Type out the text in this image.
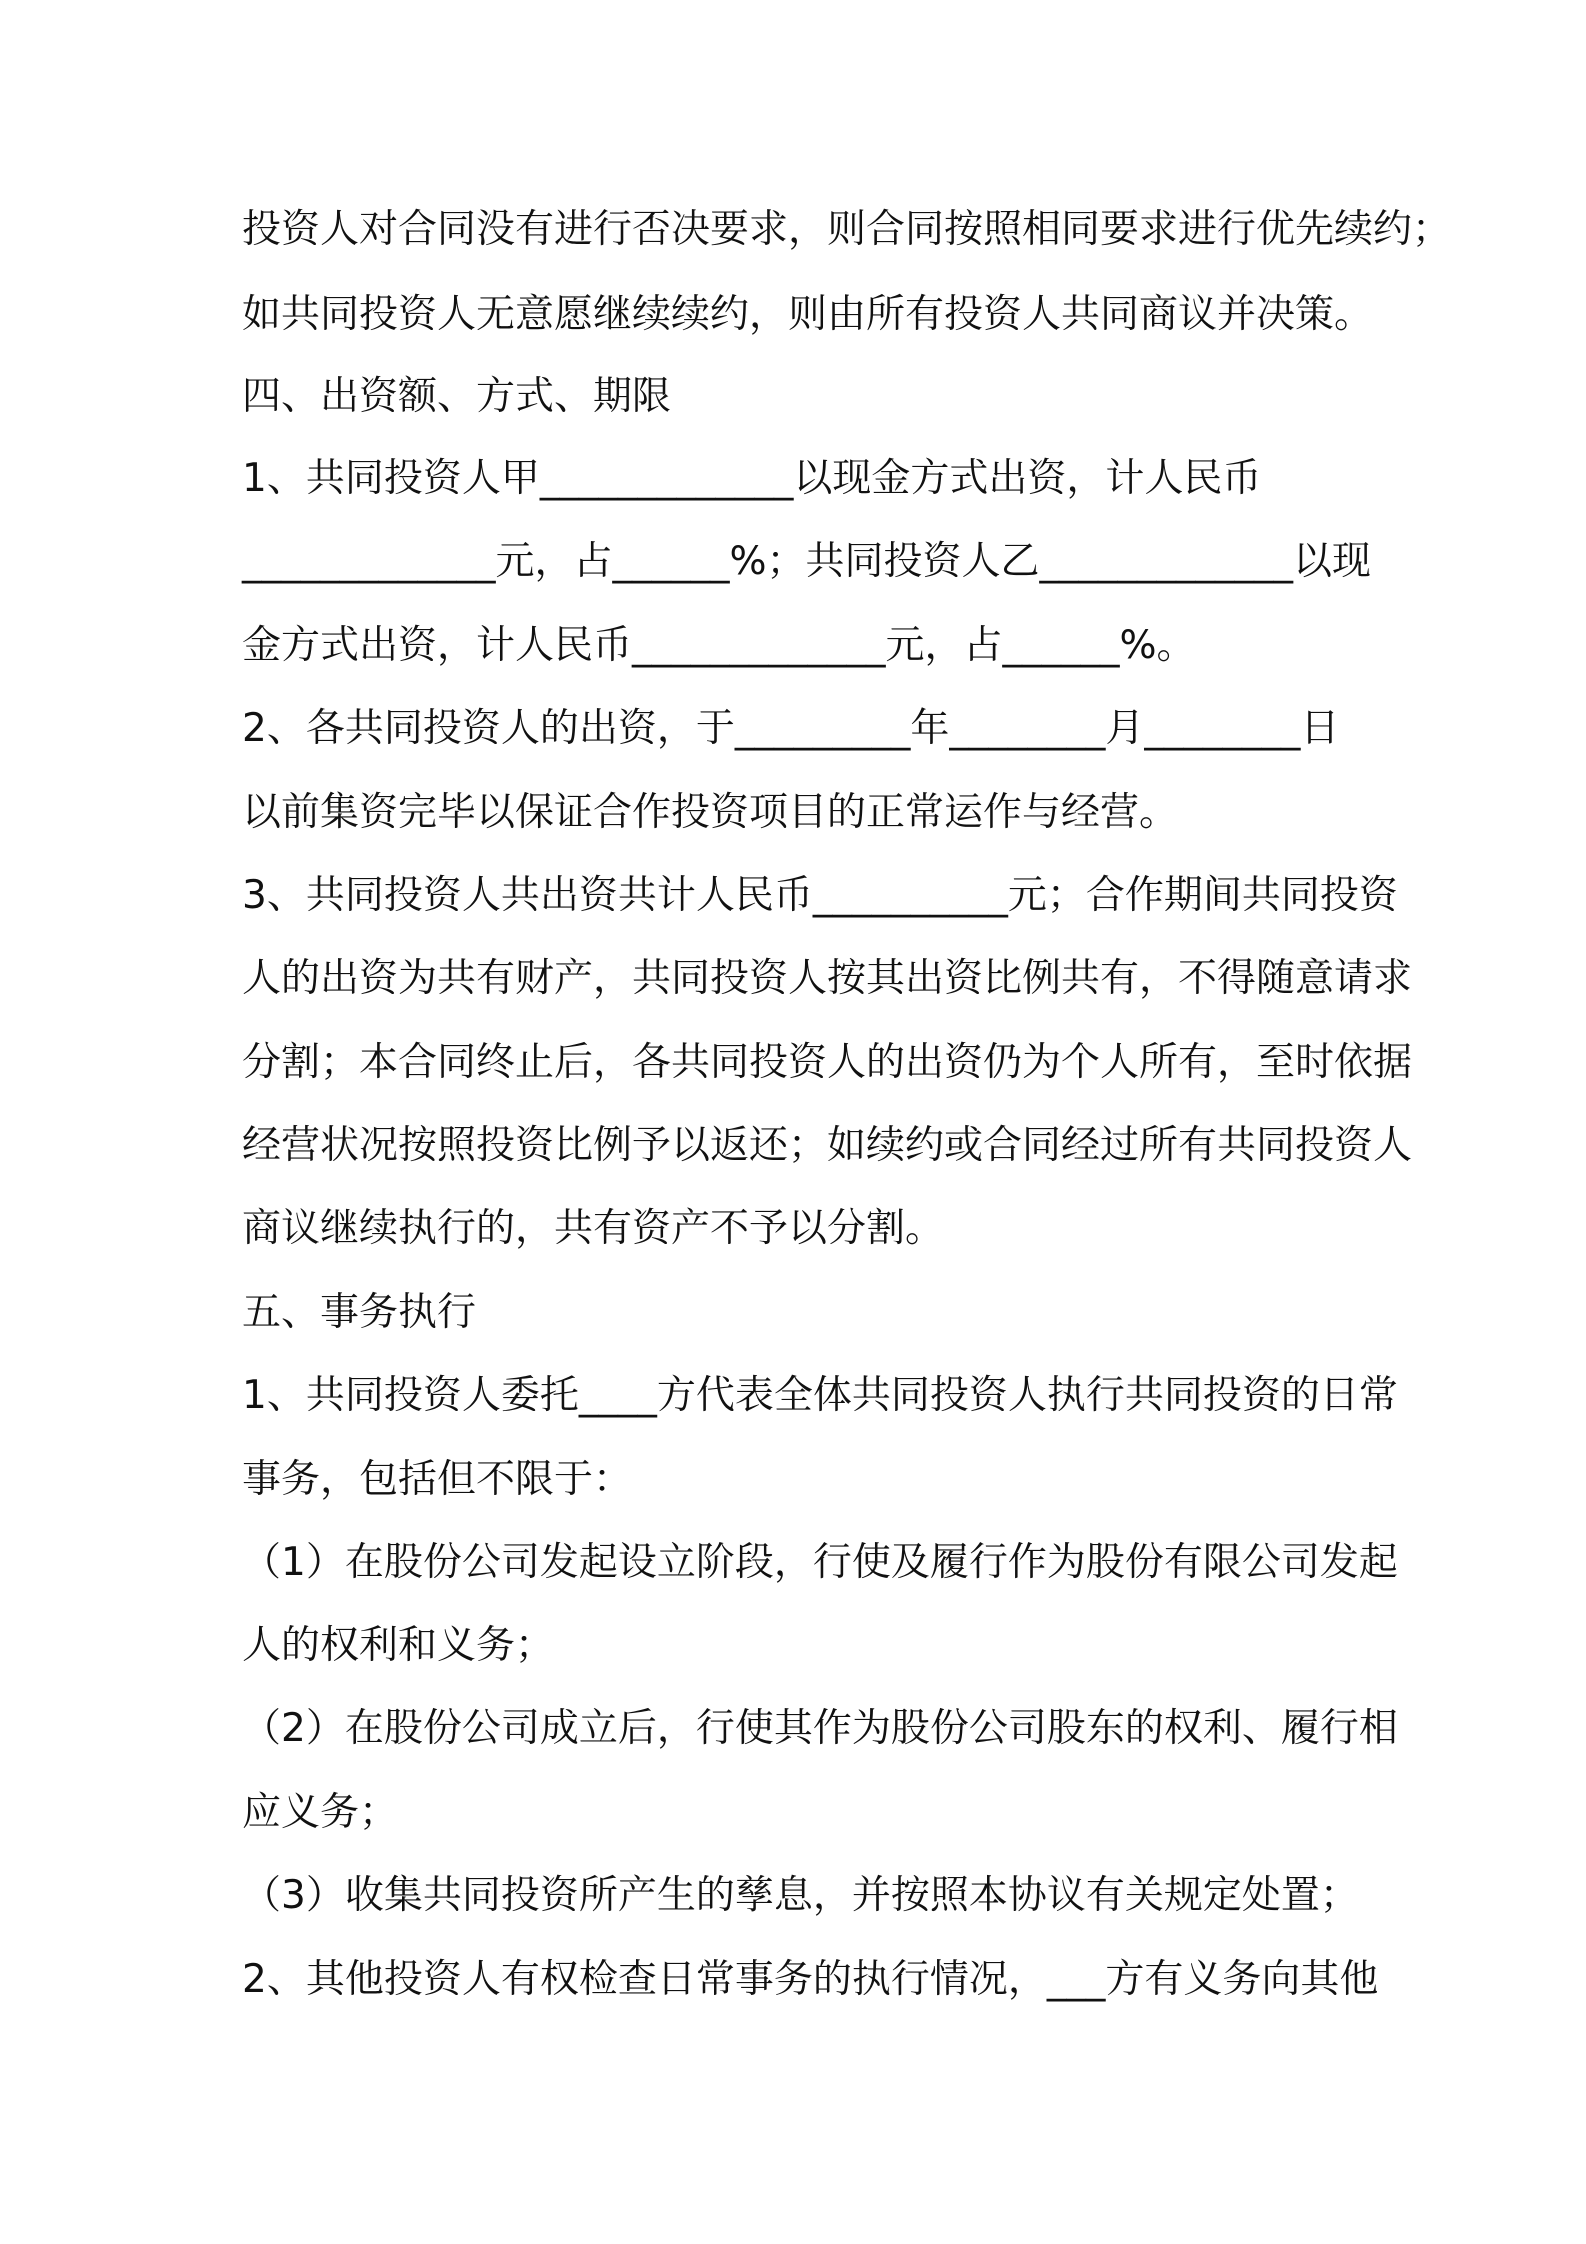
投资人对合同没有进行否决要求，则合同按照相同要求进行优先续约；
如共同投资人无意愿继续续约，则由所有投资人共同商议并决策。
四、出资额、方式、期限
1、共同投资人甲_____________以现金方式出资，计人民币
_____________元，占______%；共同投资人乙_____________以现
金方式出资，计人民币_____________元，占______%。
2、各共同投资人的出资，于_________年________月________日
以前集资完毕以保证合作投资项目的正常运作与经营。
3、共同投资人共出资共计人民币__________元；合作期间共同投资
人的出资为共有财产，共同投资人按其出资比例共有，不得随意请求
分割；本合同终止后，各共同投资人的出资仍为个人所有，至时依据
经营状况按照投资比例予以返还；如续约或合同经过所有共同投资人
商议继续执行的，共有资产不予以分割。
五、事务执行
1、共同投资人委托____方代表全体共同投资人执行共同投资的日常
事务，包括但不限于：
（1）在股份公司发起设立阶段，行使及履行作为股份有限公司发起
人的权利和义务；
（2）在股份公司成立后，行使其作为股份公司股东的权利、履行相
应义务；
（3）收集共同投资所产生的孳息，并按照本协议有关规定处置；
2、其他投资人有权检查日常事务的执行情况，___方有义务向其他
